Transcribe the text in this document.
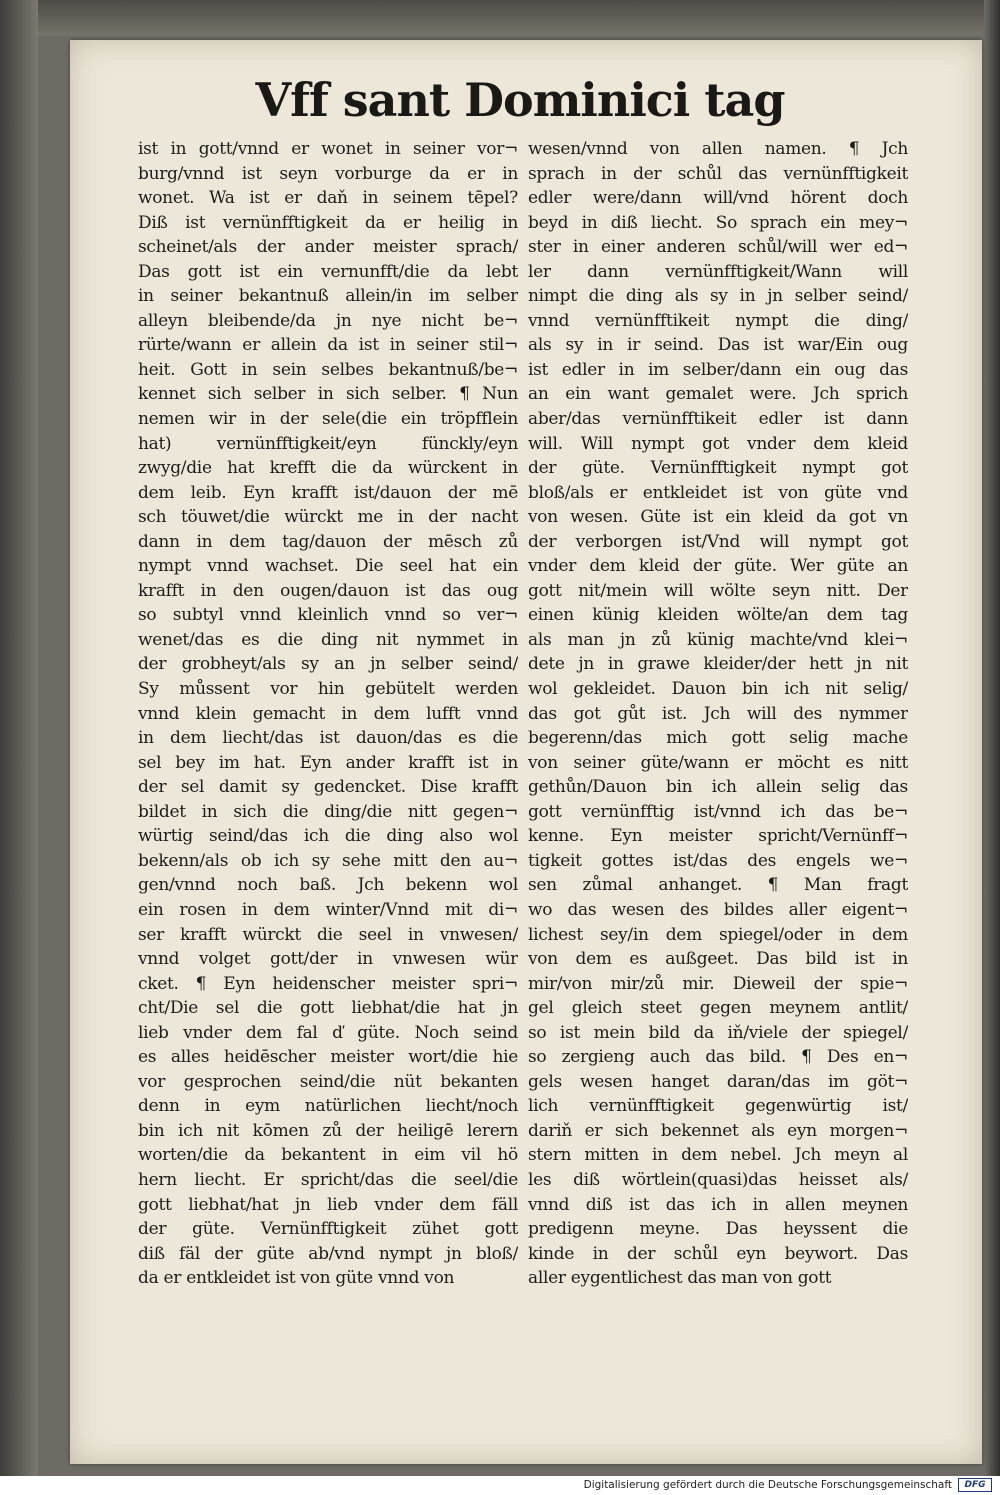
Vff sant Dominici tag
ist in gott/vnnd er wonet in seiner vor¬
burg/vnnd ist seyn vorburge da er in
wonet. Wa ist er daň in seinem tēpel?
Diß ist vernünfftigkeit da er heilig in
scheinet/als der ander meister sprach/
Das gott ist ein vernunfft/die da lebt
in seiner bekantnuß allein/in im selber
alleyn bleibende/da jn nye nicht be¬
rürte/wann er allein da ist in seiner stil¬
heit. Gott in sein selbes bekantnuß/be¬
kennet sich selber in sich selber. ¶ Nun
nemen wir in der sele(die ein tröpfflein
hat) vernünfftigkeit/eyn fünckly/eyn
zwyg/die hat krefft die da würckent in
dem leib. Eyn krafft ist/dauon der mē
sch töuwet/die würckt me in der nacht
dann in dem tag/dauon der mēsch zů
nympt vnnd wachset. Die seel hat ein
krafft in den ougen/dauon ist das oug
so subtyl vnnd kleinlich vnnd so ver¬
wenet/das es die ding nit nymmet in
der grobheyt/als sy an jn selber seind/
Sy můssent vor hin gebütelt werden
vnnd klein gemacht in dem lufft vnnd
in dem liecht/das ist dauon/das es die
sel bey im hat. Eyn ander krafft ist in
der sel damit sy gedencket. Dise krafft
bildet in sich die ding/die nitt gegen¬
würtig seind/das ich die ding also wol
bekenn/als ob ich sy sehe mitt den au¬
gen/vnnd noch baß. Jch bekenn wol
ein rosen in dem winter/Vnnd mit di¬
ser krafft würckt die seel in vnwesen/
vnnd volget gott/der in vnwesen wür
cket. ¶ Eyn heidenscher meister spri¬
cht/Die sel die gott liebhat/die hat jn
lieb vnder dem fal ď güte. Noch seind
es alles heidēscher meister wort/die hie
vor gesprochen seind/die nüt bekanten
denn in eym natürlichen liecht/noch
bin ich nit kōmen zů der heiligē lerern
worten/die da bekantent in eim vil hö
hern liecht. Er spricht/das die seel/die
gott liebhat/hat jn lieb vnder dem fäll
der güte. Vernünfftigkeit zühet gott
diß fäl der güte ab/vnd nympt jn bloß/
da er entkleidet ist von güte vnnd von
wesen/vnnd von allen namen. ¶ Jch
sprach in der schůl das vernünfftigkeit
edler were/dann will/vnd hörent doch
beyd in diß liecht. So sprach ein mey¬
ster in einer anderen schůl/will wer ed¬
ler dann vernünfftigkeit/Wann will
nimpt die ding als sy in jn selber seind/
vnnd vernünfftikeit nympt die ding/
als sy in ir seind. Das ist war/Ein oug
ist edler in im selber/dann ein oug das
an ein want gemalet were. Jch sprich
aber/das vernünfftikeit edler ist dann
will. Will nympt got vnder dem kleid
der güte. Vernünfftigkeit nympt got
bloß/als er entkleidet ist von güte vnd
von wesen. Güte ist ein kleid da got vn
der verborgen ist/Vnd will nympt got
vnder dem kleid der güte. Wer güte an
gott nit/mein will wölte seyn nitt. Der
einen künig kleiden wölte/an dem tag
als man jn zů künig machte/vnd klei¬
dete jn in grawe kleider/der hett jn nit
wol gekleidet. Dauon bin ich nit selig/
das got gůt ist. Jch will des nymmer
begerenn/das mich gott selig mache
von seiner güte/wann er möcht es nitt
gethůn/Dauon bin ich allein selig das
gott vernünfftig ist/vnnd ich das be¬
kenne. Eyn meister spricht/Vernünff¬
tigkeit gottes ist/das des engels we¬
sen zůmal anhanget. ¶ Man fragt
wo das wesen des bildes aller eigent¬
lichest sey/in dem spiegel/oder in dem
von dem es außgeet. Das bild ist in
mir/von mir/zů mir. Dieweil der spie¬
gel gleich steet gegen meynem antlit/
so ist mein bild da iň/viele der spiegel/
so zergieng auch das bild. ¶ Des en¬
gels wesen hanget daran/das im göt¬
lich vernünfftigkeit gegenwürtig ist/
dariň er sich bekennet als eyn morgen¬
stern mitten in dem nebel. Jch meyn al
les diß wörtlein(quasi)das heisset als/
vnnd diß ist das ich in allen meynen
predigenn meyne. Das heyssent die
kinde in der schůl eyn beywort. Das
aller eygentlichest das man von gott
Digitalisierung gefördert durch die Deutsche Forschungsgemeinschaft	DFG
